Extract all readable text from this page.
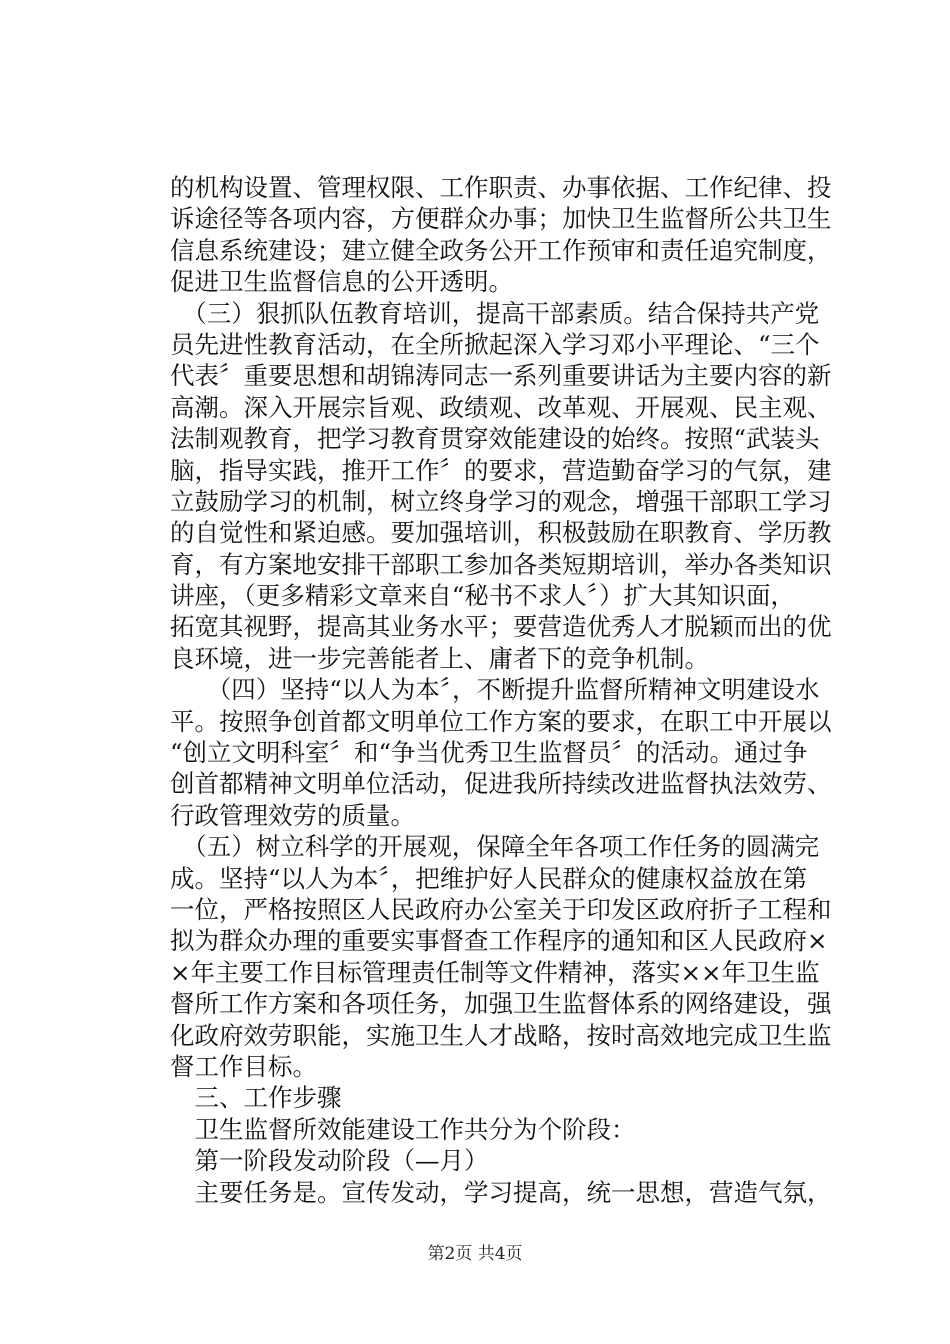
的机构设置、管理权限、工作职责、办事依据、工作纪律、投
诉途径等各项内容，方便群众办事；加快卫生监督所公共卫生
信息系统建设；建立健全政务公开工作预审和责任追究制度，
促进卫生监督信息的公开透明。
　（三）狠抓队伍教育培训，提高干部素质。结合保持共产党
员先进性教育活动，在全所掀起深入学习邓小平理论、“三个
代表〞重要思想和胡锦涛同志一系列重要讲话为主要内容的新
高潮。深入开展宗旨观、政绩观、改革观、开展观、民主观、
法制观教育，把学习教育贯穿效能建设的始终。按照“武装头
脑，指导实践，推开工作〞的要求，营造勤奋学习的气氛，建
立鼓励学习的机制，树立终身学习的观念，增强干部职工学习
的自觉性和紧迫感。要加强培训，积极鼓励在职教育、学历教
育，有方案地安排干部职工参加各类短期培训，举办各类知识
讲座，（更多精彩文章来自“秘书不求人〞）扩大其知识面，
拓宽其视野，提高其业务水平；要营造优秀人才脱颖而出的优
良环境，进一步完善能者上、庸者下的竞争机制。
　　（四）坚持“以人为本〞，不断提升监督所精神文明建设水
平。按照争创首都文明单位工作方案的要求，在职工中开展以
“创立文明科室〞和“争当优秀卫生监督员〞的活动。通过争
创首都精神文明单位活动，促进我所持续改进监督执法效劳、
行政管理效劳的质量。
　（五）树立科学的开展观，保障全年各项工作任务的圆满完
成。坚持“以人为本〞，把维护好人民群众的健康权益放在第
一位，严格按照区人民政府办公室关于印发区政府折子工程和
拟为群众办理的重要实事督查工作程序的通知和区人民政府×
×年主要工作目标管理责任制等文件精神，落实××年卫生监
督所工作方案和各项任务，加强卫生监督体系的网络建设，强
化政府效劳职能，实施卫生人才战略，按时高效地完成卫生监
督工作目标。
　三、工作步骤
　卫生监督所效能建设工作共分为个阶段：
　第一阶段发动阶段（—月）
　主要任务是。宣传发动，学习提高，统一思想，营造气氛，
第2页 共4页
